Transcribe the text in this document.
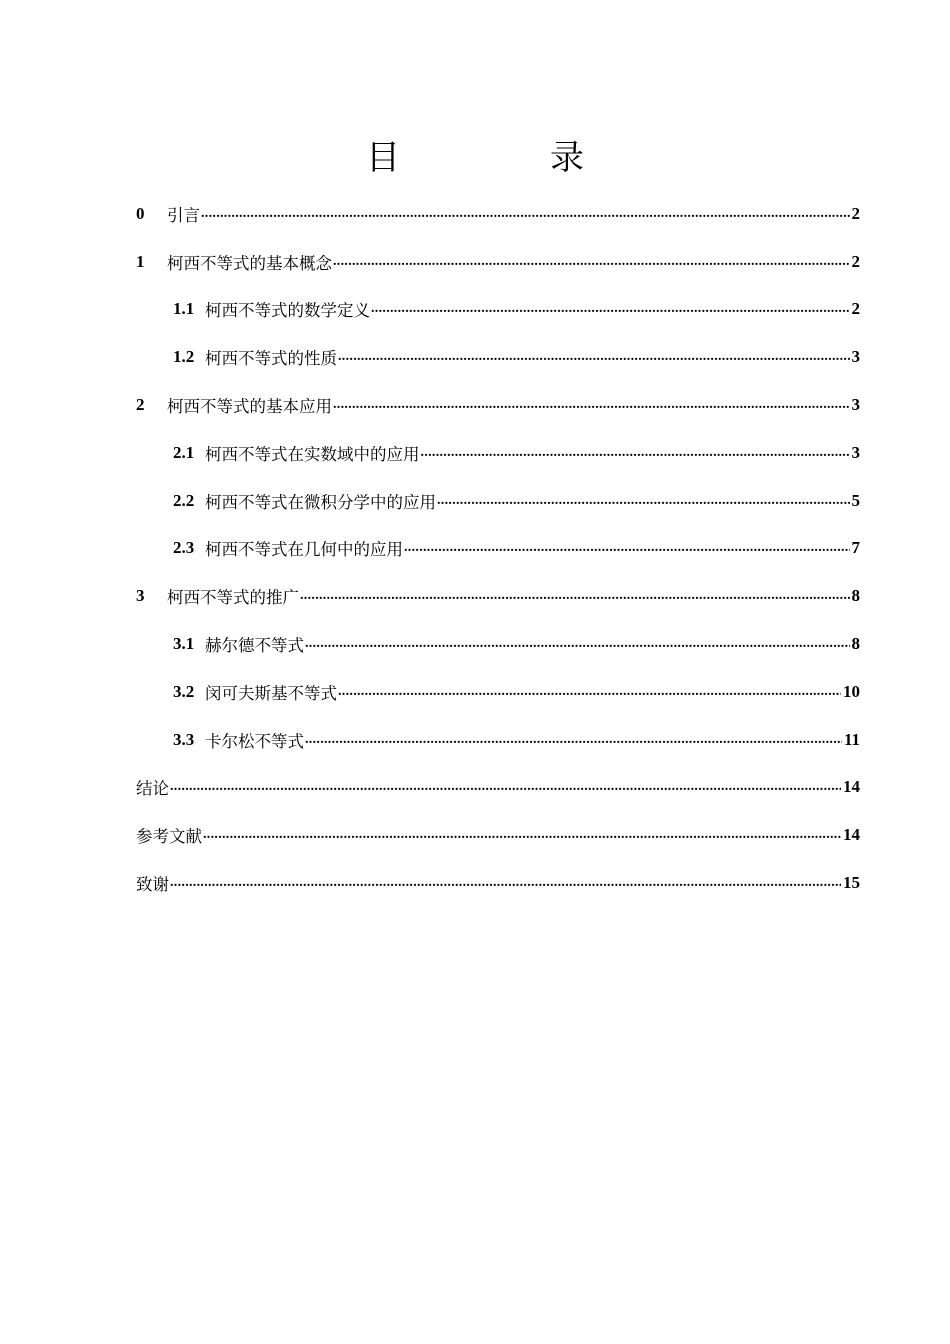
目　录
0	引言 .....	2
1	柯西不等式的基本概念 .....	2
1.1 柯西不等式的数学定义 .....	2
1.2 柯西不等式的性质 .....	3
2	柯西不等式的基本应用 .....	3
2.1 柯西不等式在实数域中的应用 .....	3
2.2 柯西不等式在微积分学中的应用 .....	5
2.3 柯西不等式在几何中的应用 .....	7
3	柯西不等式的推广 .....	8
3.1 赫尔德不等式 .....	8
3.2 闵可夫斯基不等式 .....	10
3.3 卡尔松不等式 .....	11
结论 .....	14
参考文献 .....	14
致谢 .....	15
